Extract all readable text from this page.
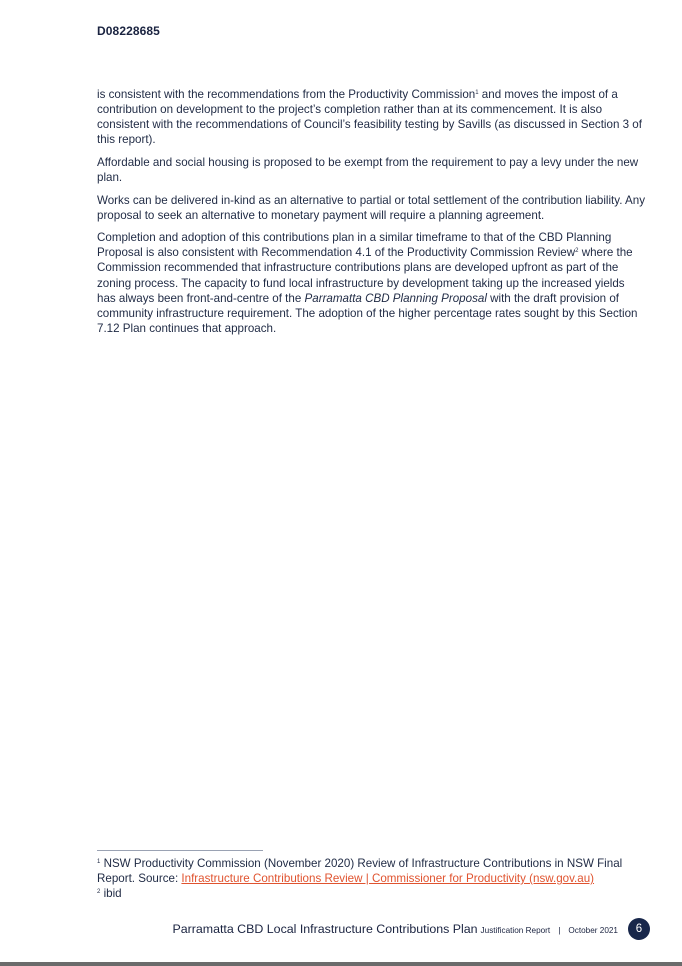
D08228685

is consistent with the recommendations from the Productivity Commission$^1$ and moves the impost of a contribution on development to the project’s completion rather than at its commencement. It is also consistent with the recommendations of Council’s feasibility testing by Savills (as discussed in Section 3 of this report).

Affordable and social housing is proposed to be exempt from the requirement to pay a levy under the new plan.

Works can be delivered in-kind as an alternative to partial or total settlement of the contribution liability. Any proposal to seek an alternative to monetary payment will require a planning agreement.

Completion and adoption of this contributions plan in a similar timeframe to that of the CBD Planning Proposal is also consistent with Recommendation 4.1 of the Productivity Commission Review$^2$ where the Commission recommended that infrastructure contributions plans are developed upfront as part of the zoning process. The capacity to fund local infrastructure by development taking up the increased yields has always been front-and-centre of the Parramatta CBD Planning Proposal with the draft provision of community infrastructure requirement. The adoption of the higher percentage rates sought by this Section 7.12 Plan continues that approach.

$^1$ NSW Productivity Commission (November 2020) Review of Infrastructure Contributions in NSW Final Report. Source: Infrastructure Contributions Review | Commissioner for Productivity (nsw.gov.au)

$^2$ ibid

Parramatta CBD Local Infrastructure Contributions Plan Justification Report | October 2021	6
